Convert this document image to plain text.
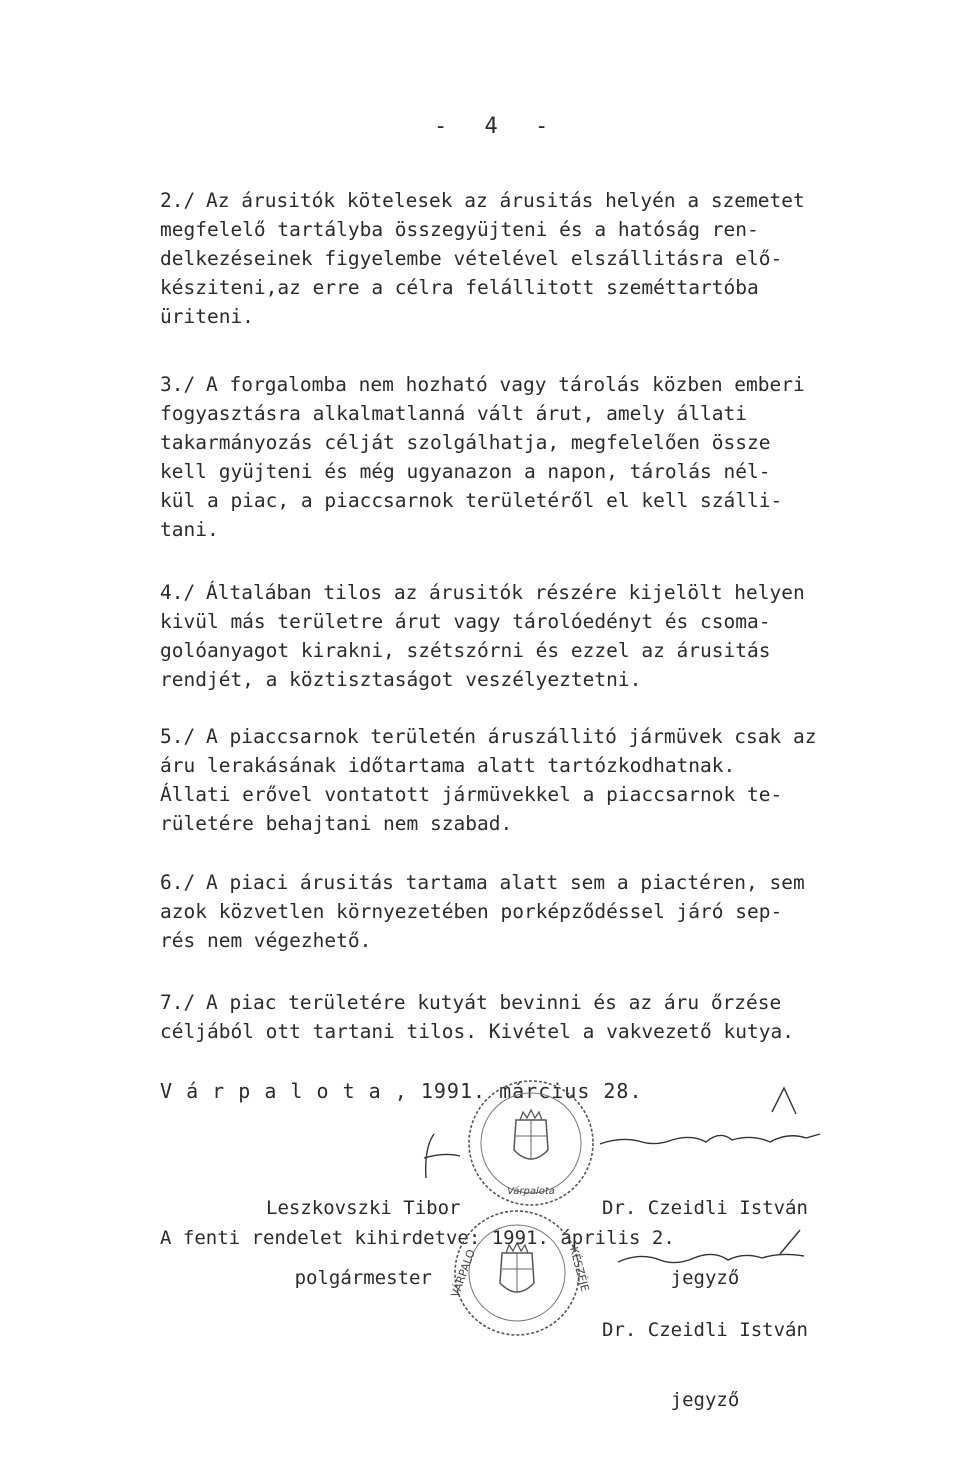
- 4 -
2./ Az árusitók kötelesek az árusitás helyén a szemetet
megfelelő tartályba összegyüjteni és a hatóság ren-
delkezéseinek figyelembe vételével elszállitásra elő-
késziteni,az erre a célra felállitott szeméttartóba
üriteni.
3./ A forgalomba nem hozható vagy tárolás közben emberi
fogyasztásra alkalmatlanná vált árut, amely állati
takarmányozás célját szolgálhatja, megfelelően össze
kell gyüjteni és még ugyanazon a napon, tárolás nél-
kül a piac, a piaccsarnok területéről el kell szálli-
tani.
4./ Általában tilos az árusitók részére kijelölt helyen
kivül más területre árut vagy tárolóedényt és csoma-
golóanyagot kirakni, szétszórni és ezzel az árusitás
rendjét, a köztisztaságot veszélyeztetni.
5./ A piaccsarnok területén áruszállitó jármüvek csak az
áru lerakásának időtartama alatt tartózkodhatnak.
Állati erővel vontatott jármüvekkel a piaccsarnok te-
rületére behajtani nem szabad.
6./ A piaci árusitás tartama alatt sem a piactéren, sem
azok közvetlen környezetében porképződéssel járó sep-
rés nem végezhető.
7./ A piac területére kutyát bevinni és az áru őrzése
céljából ott tartani tilos. Kivétel a vakvezető kutya.
V á r p a l o t a , 1991. március 28.

Leszkovszki Tibor

polgármester

Dr. Czeidli István

jegyző

A fenti rendelet kihirdetve: 1991. április 2.

Dr. Czeidli István

jegyző

Várpalota
VÁRPALO	KÉSZÉJE
